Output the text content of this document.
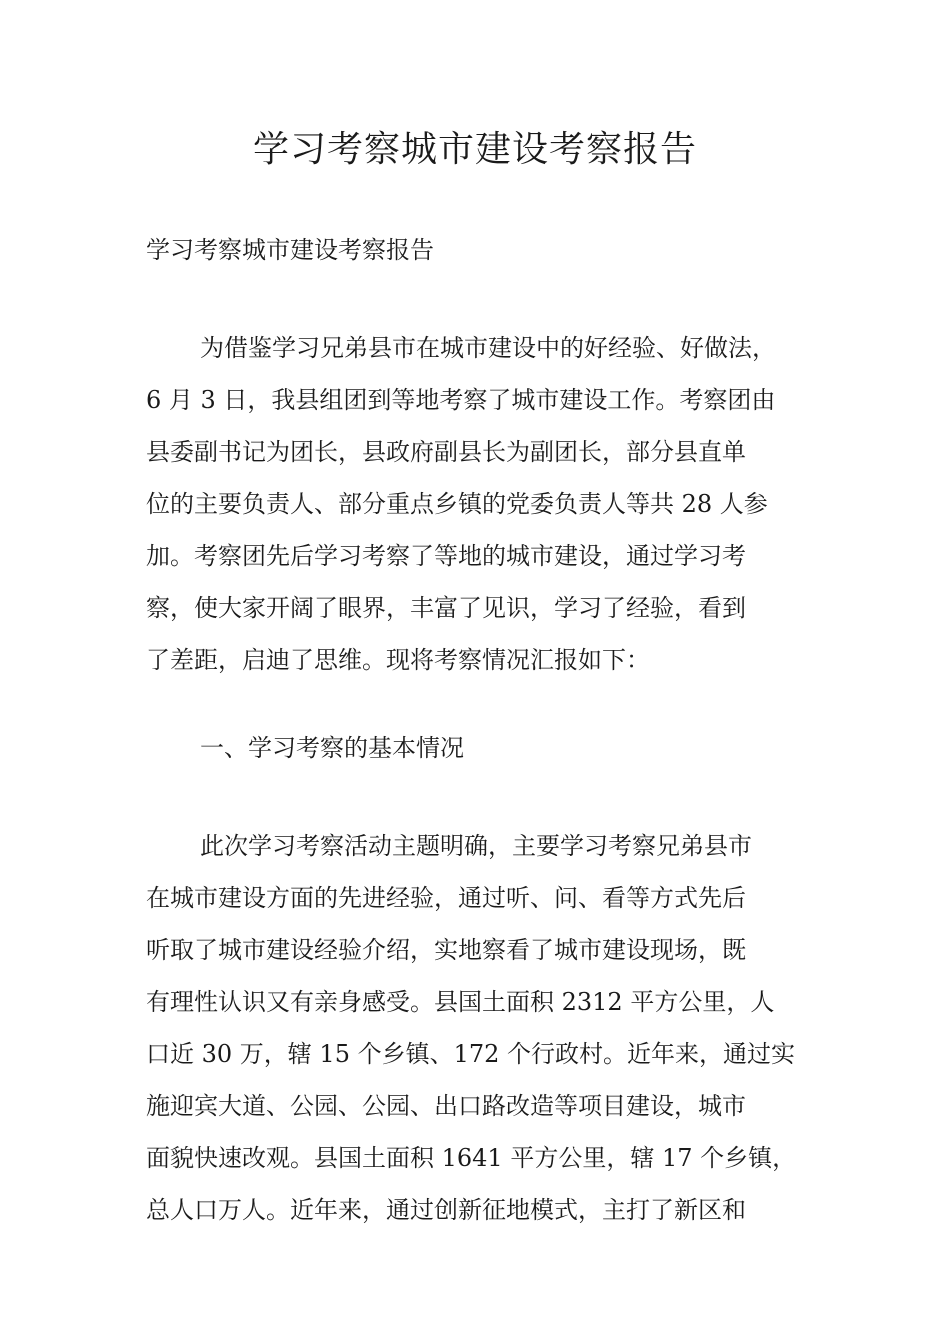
学习考察城市建设考察报告

学习考察城市建设考察报告

为借鉴学习兄弟县市在城市建设中的好经验、好做法，
6 月 3 日，我县组团到等地考察了城市建设工作。考察团由
县委副书记为团长，县政府副县长为副团长，部分县直单
位的主要负责人、部分重点乡镇的党委负责人等共 28 人参
加。考察团先后学习考察了等地的城市建设，通过学习考
察，使大家开阔了眼界，丰富了见识，学习了经验，看到
了差距，启迪了思维。现将考察情况汇报如下：
一、学习考察的基本情况
此次学习考察活动主题明确，主要学习考察兄弟县市
在城市建设方面的先进经验，通过听、问、看等方式先后
听取了城市建设经验介绍，实地察看了城市建设现场，既
有理性认识又有亲身感受。县国土面积 2312 平方公里，人
口近 30 万，辖 15 个乡镇、172 个行政村。近年来，通过实
施迎宾大道、公园、公园、出口路改造等项目建设，城市
面貌快速改观。县国土面积 1641 平方公里，辖 17 个乡镇，
总人口万人。近年来，通过创新征地模式，主打了新区和
